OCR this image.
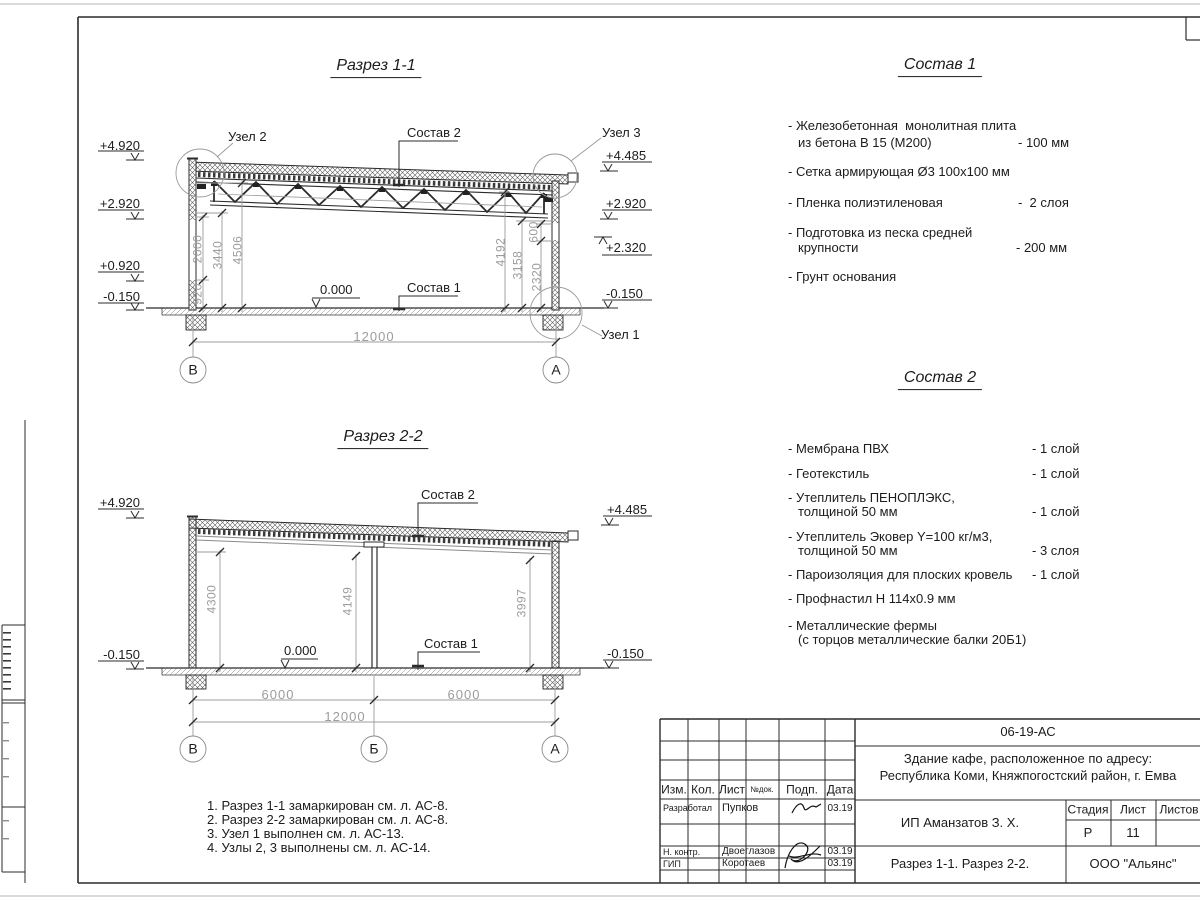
Разрез 1-1
+4.920
+2.920
+0.920
-0.150
+4.485
+2.920
+2.320
-0.150
Узел 2	Узел 3
Узел 1
Состав 2
Состав 1
0.000
920
2000 3440 4506	4192 3158 2320
600
12000
В	А
Разрез 2-2
+4.920
-0.150
+4.485
-0.150
Состав 2
Состав 1
0.000
4300	4149	3997
6000	6000
12000
В	Б	А
Состав 1
- Железобетонная  монолитная плита
из бетона В 15 (М200)	- 100 мм
- Сетка армирующая Ø3 100х100 мм
- Пленка полиэтиленовая	-  2 слоя
- Подготовка из песка средней
крупности	- 200 мм
- Грунт основания
Состав 2
- Мембрана ПВХ	- 1 слой
- Геотекстиль	- 1 слой
- Утеплитель ПЕНОПЛЭКС,
толщиной 50 мм	- 1 слой
- Утеплитель Эковер Y=100 кг/м3,
толщиной 50 мм	- 3 слоя
- Пароизоляция для плоских кровель - 1 слой
- Профнастил Н 114х0.9 мм
- Металлические фермы
(с торцов металлические балки 20Б1)
1. Разрез 1-1 замаркирован см. л. АС-8.
2. Разрез 2-2 замаркирован см. л. АС-8.
3. Узел 1 выполнен см. л. АС-13.
4. Узлы 2, 3 выполнены см. л. АС-14.
06-19-АС
Здание кафе, расположенное по адресу:
Республика Коми, Княжпогостский район, г. Емва
Изм. Кол. Лист №док. Подп. Дата
Разработал Пупков	03.19
Н. контр. Двоеглазов	03.19
ГИП	Коротаев	03.19
ИП Аманзатов З. Х.
Стадия Лист Листов
Р	11
Разрез 1-1. Разрез 2-2.	ООО "Альянс"
